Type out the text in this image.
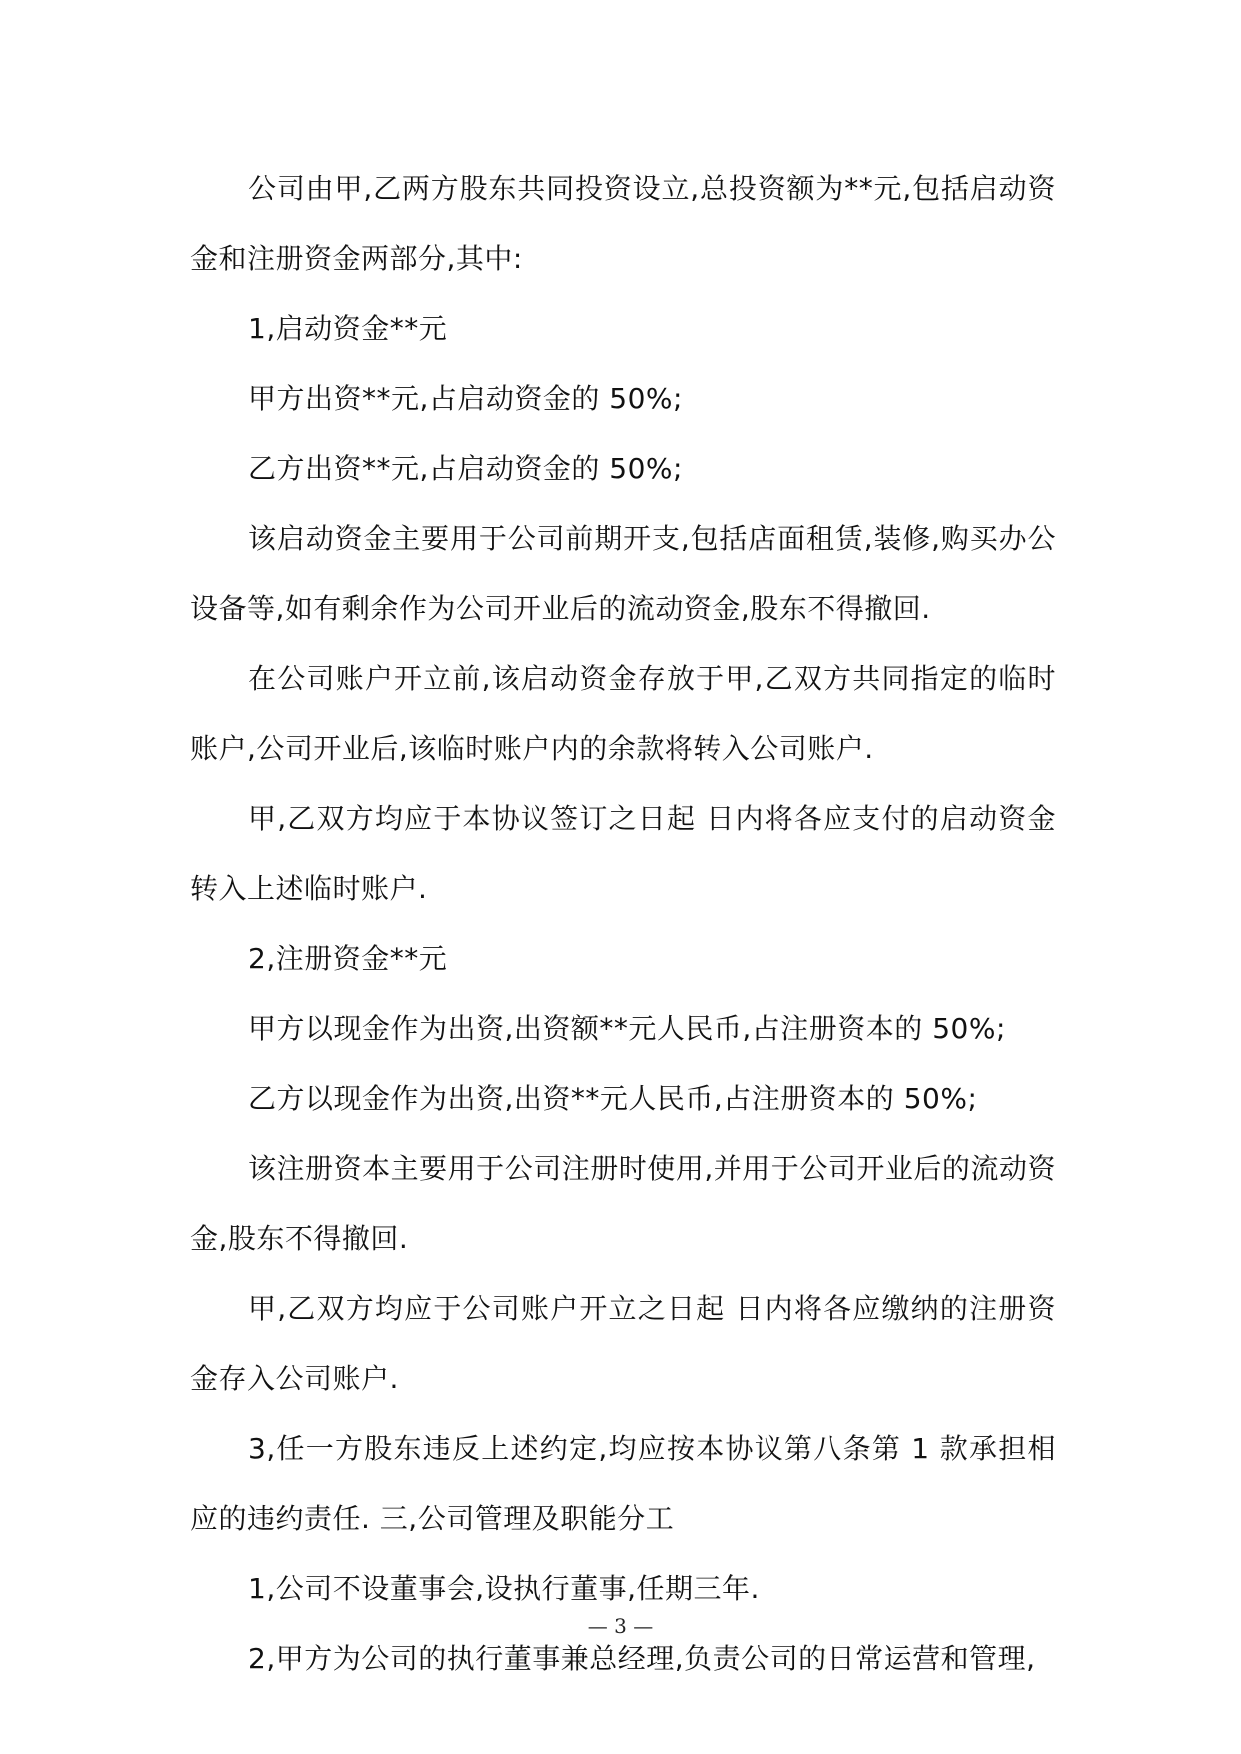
公司由甲,乙两方股东共同投资设立,总投资额为**元,包括启动资金和注册资金两部分,其中:

1,启动资金**元

甲方出资**元,占启动资金的 50%;

乙方出资**元,占启动资金的 50%;

该启动资金主要用于公司前期开支,包括店面租赁,装修,购买办公设备等,如有剩余作为公司开业后的流动资金,股东不得撤回.

在公司账户开立前,该启动资金存放于甲,乙双方共同指定的临时账户,公司开业后,该临时账户内的余款将转入公司账户.

甲,乙双方均应于本协议签订之日起 日内将各应支付的启动资金转入上述临时账户.

2,注册资金**元

甲方以现金作为出资,出资额**元人民币,占注册资本的 50%;

乙方以现金作为出资,出资**元人民币,占注册资本的 50%;

该注册资本主要用于公司注册时使用,并用于公司开业后的流动资金,股东不得撤回.

甲,乙双方均应于公司账户开立之日起 日内将各应缴纳的注册资金存入公司账户.

3,任一方股东违反上述约定,均应按本协议第八条第 1 款承担相应的违约责任. 三,公司管理及职能分工

1,公司不设董事会,设执行董事,任期三年.

2,甲方为公司的执行董事兼总经理,负责公司的日常运营和管理,

— 3 —
